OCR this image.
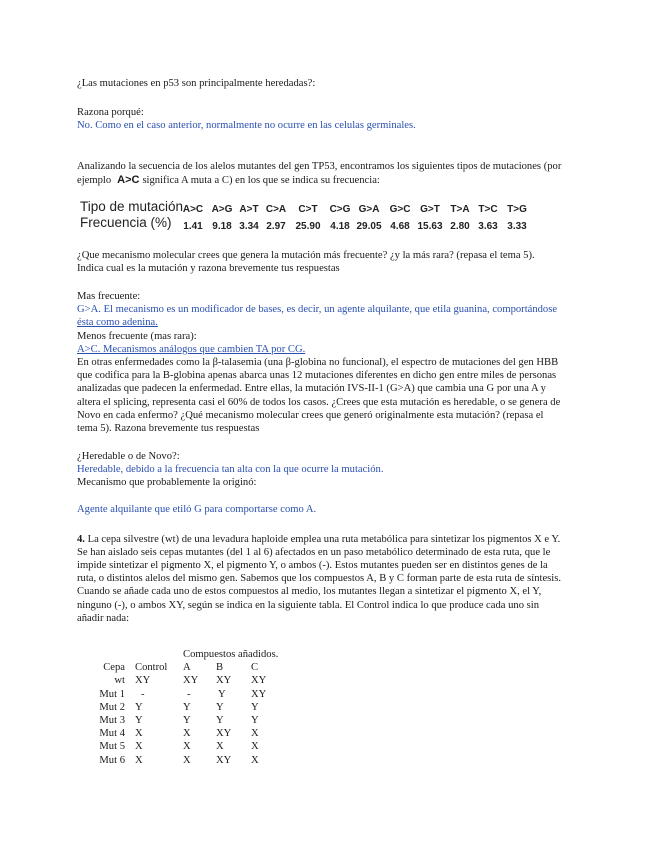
¿Las mutaciones en p53 son principalmente heredadas?:
Razona porqué:
No. Como en el caso anterior, normalmente no ocurre en las celulas germinales.
Analizando la secuencia de los alelos mutantes del gen TP53, encontramos los siguientes tipos de mutaciones (por
ejemplo A>C significa A muta a C) en los que se indica su frecuencia:
Tipo de mutación A>C A>G A>T C>A	C>T	C>G G>A	G>C G>T	T>A T>C T>G
Frecuencia (%)	1.41 9.18 3.34 2.97 25.90 4.18 29.05 4.68 15.63 2.80 3.63 3.33
¿Que mecanismo molecular crees que genera la mutación más frecuente? ¿y la más rara? (repasa el tema 5).
Indica cual es la mutación y razona brevemente tus respuestas
Mas frecuente:
G>A. El mecanismo es un modificador de bases, es decir, un agente alquilante, que etila guanina, comportándose
ésta como adenina.
Menos frecuente (mas rara):
A>C. Mecanismos análogos que cambien TA por CG.
En otras enfermedades como la β-talasemia (una β-globina no funcional), el espectro de mutaciones del gen HBB
que codifica para la B-globina apenas abarca unas 12 mutaciones diferentes en dicho gen entre miles de personas
analizadas que padecen la enfermedad. Entre ellas, la mutación IVS-II-1 (G>A) que cambia una G por una A y
altera el splicing, representa casi el 60% de todos los casos. ¿Crees que esta mutación es heredable, o se genera de
Novo en cada enfermo? ¿Qué mecanismo molecular crees que generó originalmente esta mutación? (repasa el
tema 5). Razona brevemente tus respuestas
¿Heredable o de Novo?:
Heredable, debido a la frecuencia tan alta con la que ocurre la mutación.
Mecanismo que probablemente la originó:
Agente alquilante que etiló G para comportarse como A.
4. La cepa silvestre (wt) de una levadura haploide emplea una ruta metabólica para sintetizar los pigmentos X e Y.
Se han aislado seis cepas mutantes (del 1 al 6) afectados en un paso metabólico determinado de esta ruta, que le
impide sintetizar el pigmento X, el pigmento Y, o ambos (-). Estos mutantes pueden ser en distintos genes de la
ruta, o distintos alelos del mismo gen. Sabemos que los compuestos A, B y C forman parte de esta ruta de síntesis.
Cuando se añade cada uno de estos compuestos al medio, los mutantes llegan a sintetizar el pigmento X, el Y,
ninguno (-), o ambos XY, según se indica en la siguiente tabla. El Control indica lo que produce cada uno sin
añadir nada:
Compuestos añadidos.
Cepa Control A B	C
wt XY	XY XY XY
Mut 1 -	-	Y XY
Mut 2 Y	Y Y	Y
Mut 3 Y	Y Y	Y
Mut 4 X	X XY X
Mut 5 X	X X	X
Mut 6 X	X XY X
